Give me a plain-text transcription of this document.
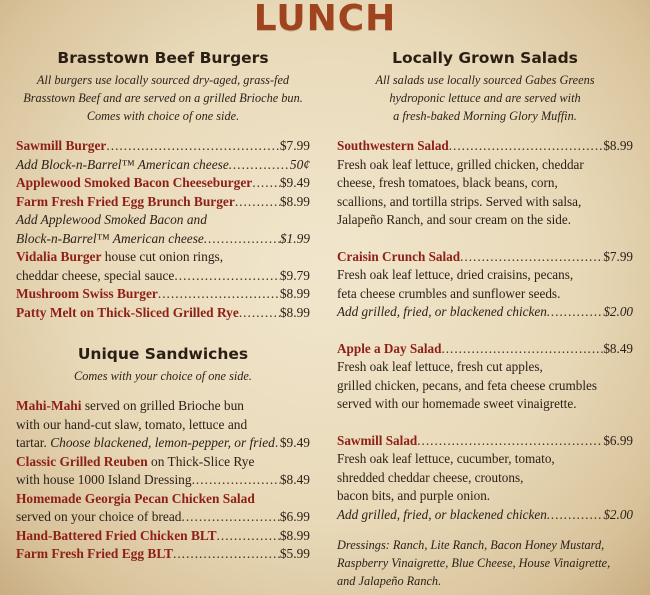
LUNCH
Brasstown Beef Burgers
All burgers use locally sourced dry-aged, grass-fed
Brasstown Beef and are served on a grilled Brioche bun.
Comes with choice of one side.
Sawmill Burger .....	$7.99
Add Block-n-Barrel™ American cheese .....	50¢
Applewood Smoked Bacon Cheeseburger ..... $9.49
Farm Fresh Fried Egg Brunch Burger .....	$8.99
Add Applewood Smoked Bacon and
Block-n-Barrel™ American cheese .....	$1.99
Vidalia Burger house cut onion rings,
cheddar cheese, special sauce .....	$9.79
Mushroom Swiss Burger .....	$8.99
Patty Melt on Thick-Sliced Grilled Rye .....	$8.99
Unique Sandwiches
Comes with your choice of one side.
Mahi-Mahi served on grilled Brioche bun
with our hand-cut slaw, tomato, lettuce and
tartar.
Choose blackened, lemon-pepper, or fried ..... $9.49
Classic Grilled Reuben on Thick-Slice Rye
with house 1000 Island Dressing .....	$8.49
Homemade Georgia Pecan Chicken Salad
served on your choice of bread .....	$6.99
Hand-Battered Fried Chicken BLT .....	$8.99
Farm Fresh Fried Egg BLT .....	$5.99
Locally Grown Salads
All salads use locally sourced Gabes Greens
hydroponic lettuce and are served with
a fresh-baked Morning Glory Muffin.
Southwestern Salad .....	$8.99
Fresh oak leaf lettuce, grilled chicken, cheddar
cheese, fresh tomatoes, black beans, corn,
scallions, and tortilla strips. Served with salsa,
Jalapeño Ranch, and sour cream on the side.
Craisin Crunch Salad .....	$7.99
Fresh oak leaf lettuce, dried craisins, pecans,
feta cheese crumbles and sunflower seeds.
Add grilled, fried, or blackened chicken .....	$2.00
Apple a Day Salad .....	$8.49
Fresh oak leaf lettuce, fresh cut apples,
grilled chicken, pecans, and feta cheese crumbles
served with our homemade sweet vinaigrette.
Sawmill Salad .....	$6.99
Fresh oak leaf lettuce, cucumber, tomato,
shredded cheddar cheese, croutons,
bacon bits, and purple onion.
Add grilled, fried, or blackened chicken .....	$2.00
Dressings: Ranch, Lite Ranch, Bacon Honey Mustard,
Raspberry Vinaigrette, Blue Cheese, House Vinaigrette,
and Jalapeño Ranch.
